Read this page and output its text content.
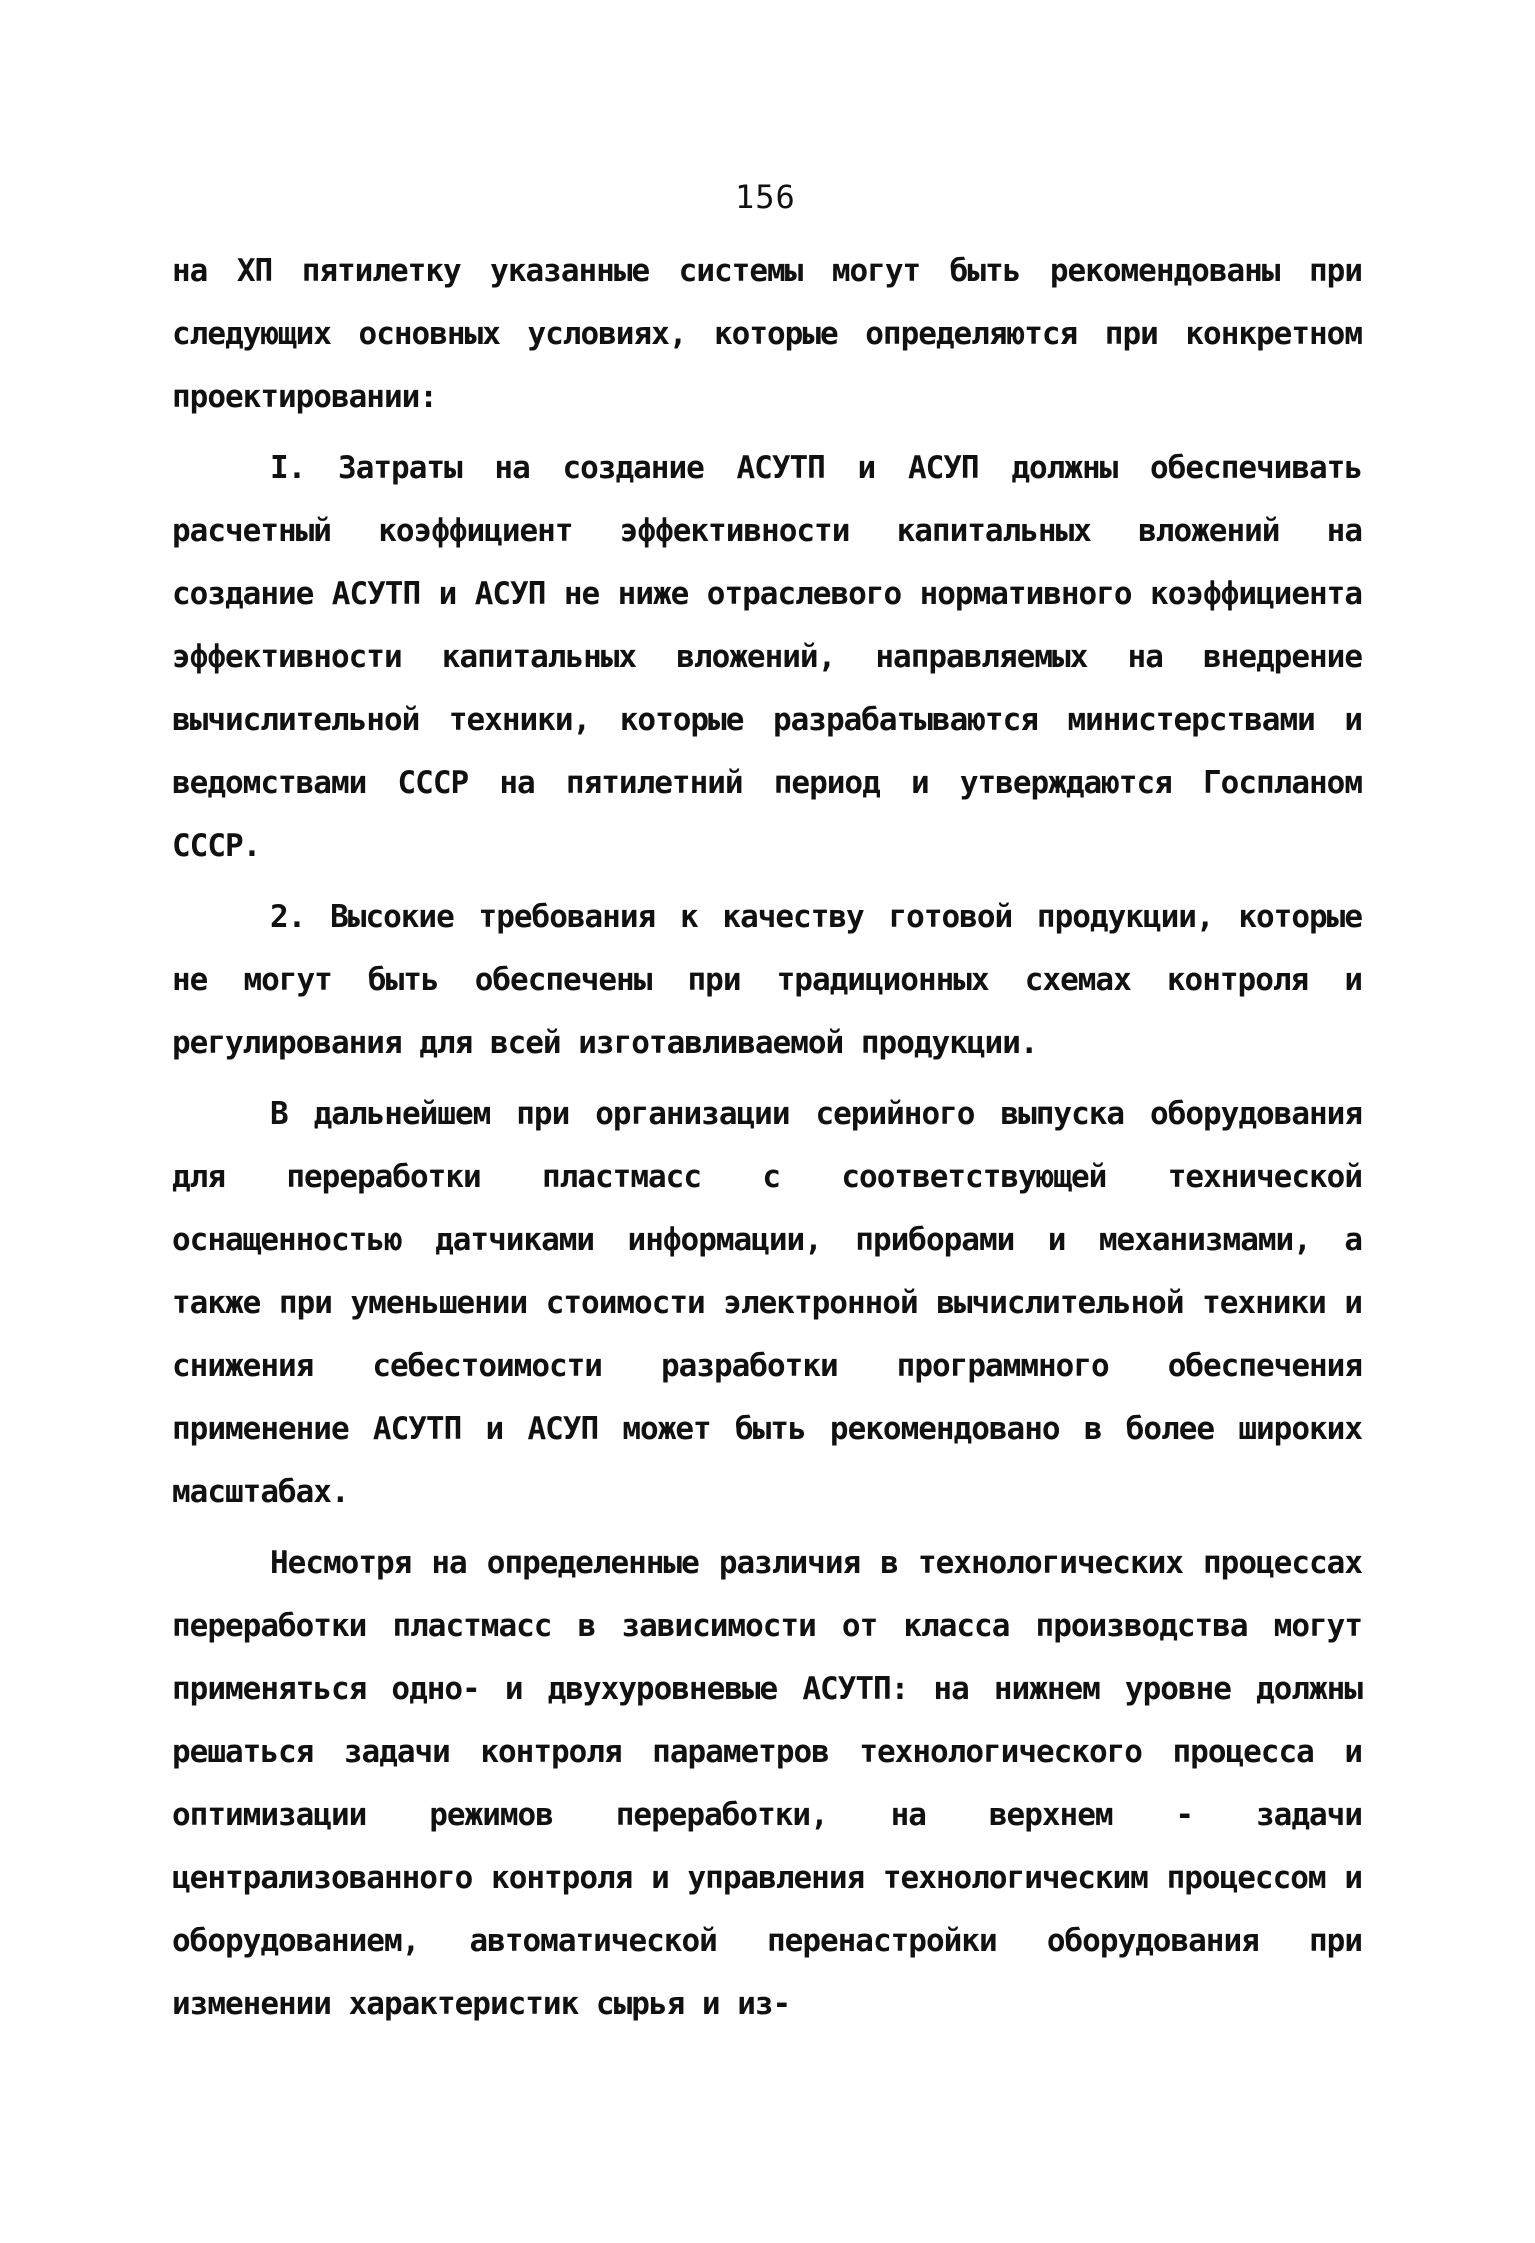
156

на ХП пятилетку указанные системы могут быть рекомендованы при следующих основных условиях, которые определяются при конкретном проектировании:

I. Затраты на создание АСУТП и АСУП должны обеспечивать расчетный коэффициент эффективности капитальных вложений на создание АСУТП и АСУП не ниже отраслевого нормативного коэффициента эффективности капитальных вложений, направляемых на внедрение вычислительной техники, которые разрабатываются министерствами и ведомствами СССР на пятилетний период и утверждаются Госпланом СССР.

2. Высокие требования к качеству готовой продукции, которые не могут быть обеспечены при традиционных схемах контроля и регулирования для всей изготавливаемой продукции.

В дальнейшем при организации серийного выпуска оборудования для переработки пластмасс с соответствующей технической оснащенностью датчиками информации, приборами и механизмами, а также при уменьшении стоимости электронной вычислительной техники и снижения себестоимости разработки программного обеспечения применение АСУТП и АСУП может быть рекомендовано в более широких масштабах.

Несмотря на определенные различия в технологических процессах переработки пластмасс в зависимости от класса производства могут применяться одно- и двухуровневые АСУТП: на нижнем уровне должны решаться задачи контроля параметров технологического процесса и оптимизации режимов переработки, на верхнем - задачи централизованного контроля и управления технологическим процессом и оборудованием, автоматической перенастройки оборудования при изменении характеристик сырья и из-
